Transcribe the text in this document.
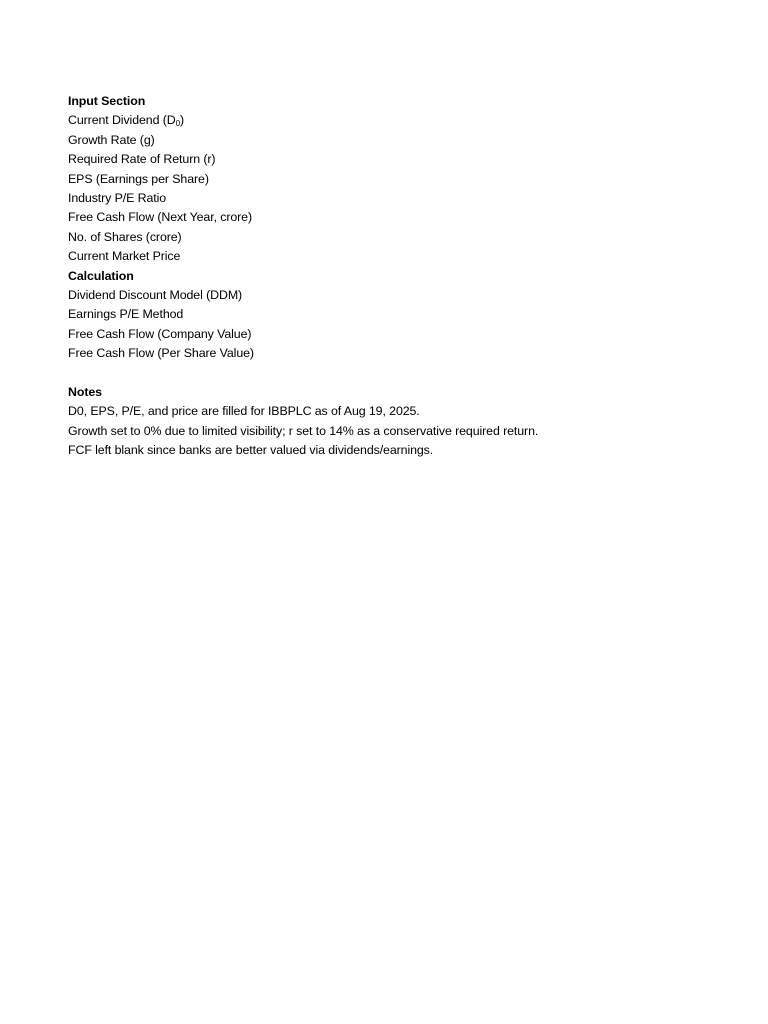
Input Section
Current Dividend $(D_0)$
Growth Rate (g)
Required Rate of Return (r)
EPS (Earnings per Share)
Industry P/E Ratio
Free Cash Flow (Next Year, crore)
No. of Shares (crore)
Current Market Price
Calculation
Dividend Discount Model (DDM)
Earnings P/E Method
Free Cash Flow (Company Value)
Free Cash Flow (Per Share Value)
Notes
D0, EPS, P/E, and price are filled for IBBPLC as of Aug 19, 2025.
Growth set to 0% due to limited visibility; r set to 14% as a conservative required return.
FCF left blank since banks are better valued via dividends/earnings.
